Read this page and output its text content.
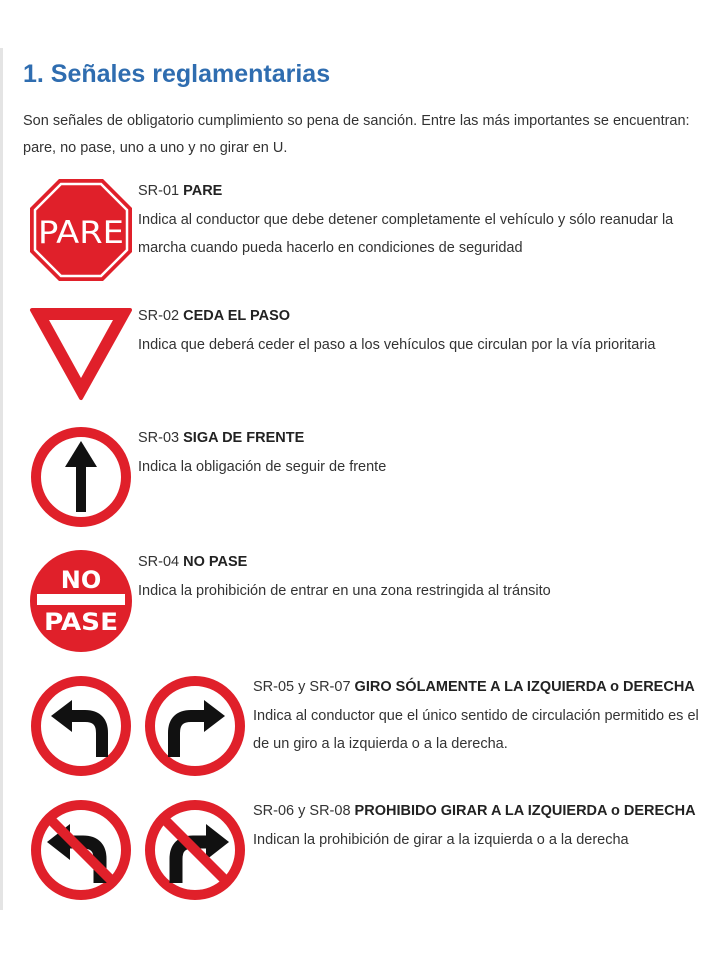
1. Señales reglamentarias

Son señales de obligatorio cumplimiento so pena de sanción. Entre las más importantes se encuentran: pare, no pase, uno a uno y no girar en U.

PARE
SR-01 PARE
Indica al conductor que debe detener completamente el vehículo y sólo reanudar la marcha cuando pueda hacerlo en condiciones de seguridad
SR-02 CEDA EL PASO
Indica que deberá ceder el paso a los vehículos que circulan por la vía prioritaria
SR-03 SIGA DE FRENTE
Indica la obligación de seguir de frente
NO
PASE
SR-04 NO PASE
Indica la prohibición de entrar en una zona restringida al tránsito
SR-05 y SR-07 GIRO SÓLAMENTE A LA IZQUIERDA o DERECHA
Indica al conductor que el único sentido de circulación permitido es el de un giro a la izquierda o a la derecha.
SR-06 y SR-08 PROHIBIDO GIRAR A LA IZQUIERDA o DERECHA
Indican la prohibición de girar a la izquierda o a la derecha
